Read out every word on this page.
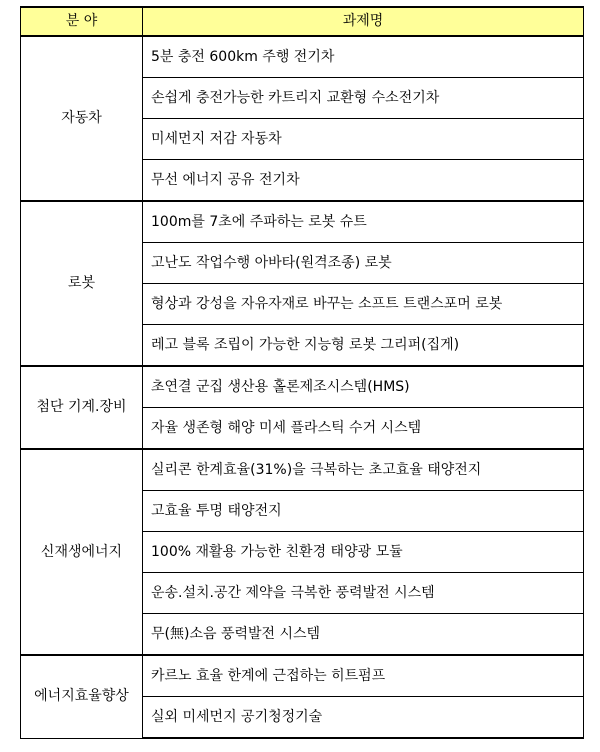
분 야	과제명
자동차	5분 충전 600km 주행 전기차
	손쉽게 충전가능한 카트리지 교환형 수소전기차
	미세먼지 저감 자동차
	무선 에너지 공유 전기차
로봇	100m를 7초에 주파하는 로봇 슈트
	고난도 작업수행 아바타(원격조종) 로봇
	형상과 강성을 자유자재로 바꾸는 소프트 트랜스포머 로봇
	레고 블록 조립이 가능한 지능형 로봇 그리퍼(집게)
첨단 기계.장비	초연결 군집 생산용 홀론제조시스템(HMS)
	자율 생존형 해양 미세 플라스틱 수거 시스템
신재생에너지	실리콘 한계효율(31%)을 극복하는 초고효율 태양전지
	고효율 투명 태양전지
	100% 재활용 가능한 친환경 태양광 모듈
	운송.설치.공간 제약을 극복한 풍력발전 시스템
	무(無)소음 풍력발전 시스템
에너지효율향상	카르노 효율 한계에 근접하는 히트펌프
	실외 미세먼지 공기청정기술
